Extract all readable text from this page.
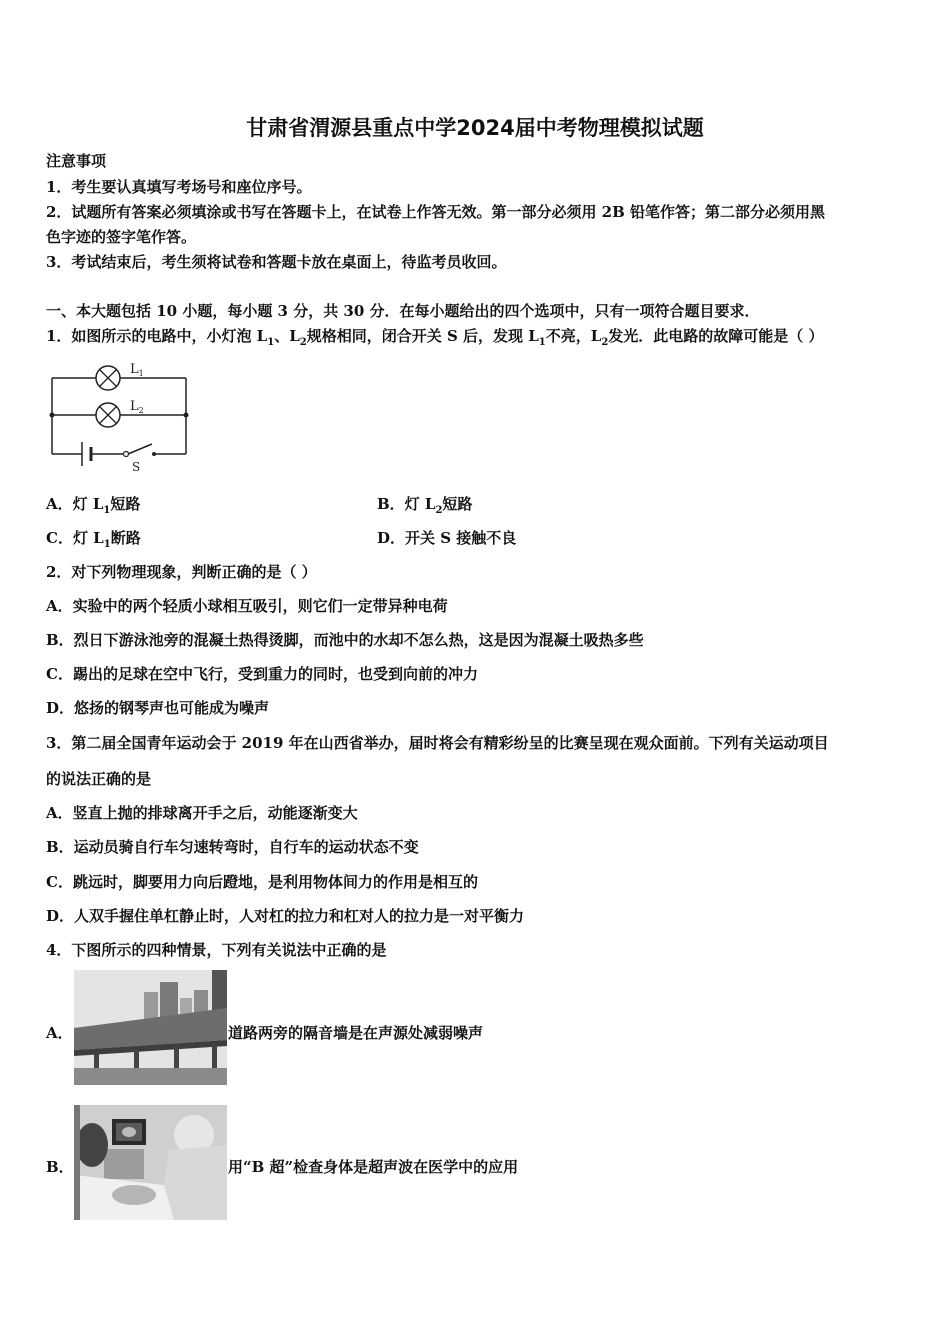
甘肃省渭源县重点中学2024届中考物理模拟试题
注意事项
1．考生要认真填写考场号和座位序号。
2．试题所有答案必须填涂或书写在答题卡上，在试卷上作答无效。第一部分必须用 2B 铅笔作答；第二部分必须用黑
色字迹的签字笔作答。
3．考试结束后，考生须将试卷和答题卡放在桌面上，待监考员收回。
一、本大题包括 10 小题，每小题 3 分，共 30 分．在每小题给出的四个选项中，只有一项符合题目要求．
1．如图所示的电路中，小灯泡 $L_1$、$L_2$规格相同，闭合开关 S 后，发现 $L_1$不亮，$L_2$发光．此电路的故障可能是（ ）
$L_1$
$L_2$
S
A．灯 $L_1$短路	B．灯 $L_2$短路
C．灯 $L_1$断路	D．开关 S 接触不良
2．对下列物理现象，判断正确的是（ ）
A．实验中的两个轻质小球相互吸引，则它们一定带异种电荷
B．烈日下游泳池旁的混凝土热得烫脚，而池中的水却不怎么热，这是因为混凝土吸热多些
C．踢出的足球在空中飞行，受到重力的同时，也受到向前的冲力
D．悠扬的钢琴声也可能成为噪声
3．第二届全国青年运动会于 2019 年在山西省举办，届时将会有精彩纷呈的比赛呈现在观众面前。下列有关运动项目
的说法正确的是
A．竖直上抛的排球离开手之后，动能逐渐变大
B．运动员骑自行车匀速转弯时，自行车的运动状态不变
C．跳远时，脚要用力向后蹬地，是利用物体间力的作用是相互的
D．人双手握住单杠静止时，人对杠的拉力和杠对人的拉力是一对平衡力
4．下图所示的四种情景，下列有关说法中正确的是
A．	道路两旁的隔音墙是在声源处减弱噪声
B．	用“B 超”检查身体是超声波在医学中的应用
